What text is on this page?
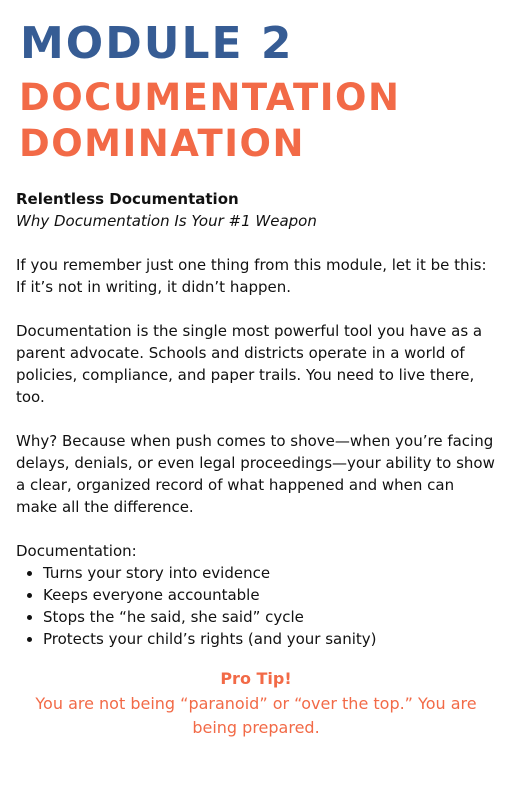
MODULE 2
DOCUMENTATION
DOMINATION

Relentless Documentation

Why Documentation Is Your #1 Weapon

If you remember just one thing from this module, let it be this: If it’s not in writing, it didn’t happen.

Documentation is the single most powerful tool you have as a parent advocate. Schools and districts operate in a world of policies, compliance, and paper trails. You need to live there, too.

Why? Because when push comes to shove—when you’re facing delays, denials, or even legal proceedings—your ability to show a clear, organized record of what happened and when can make all the difference.

Documentation:

Turns your story into evidence
Keeps everyone accountable
Stops the “he said, she said” cycle
Protects your child’s rights (and your sanity)

Pro Tip!

You are not being “paranoid” or “over the top.” You are being prepared.
